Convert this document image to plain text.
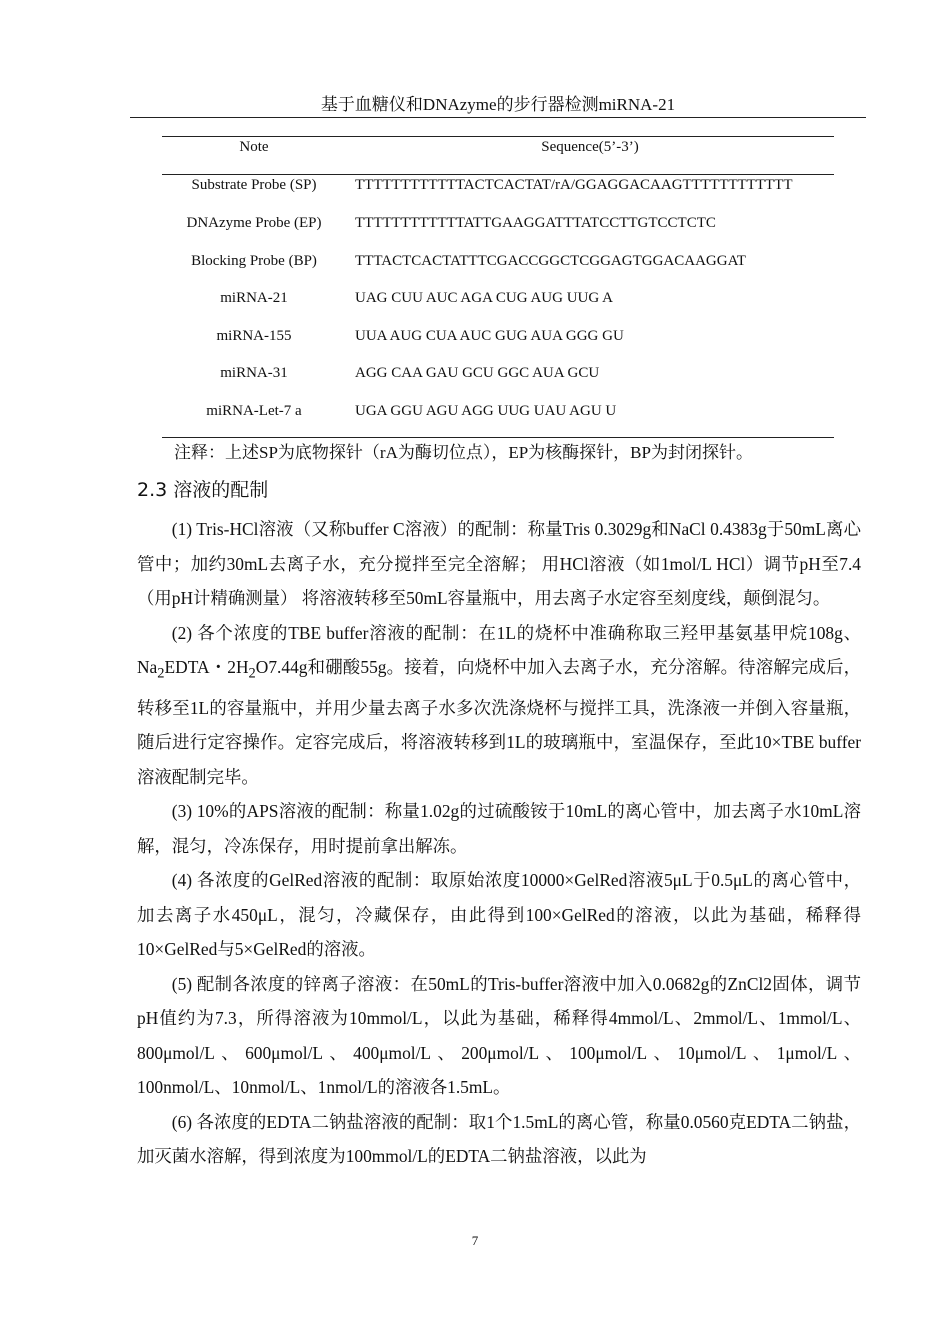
基于血糖仪和DNAzyme的步行器检测miRNA-21
Note	Sequence(5’-3’)
Substrate Probe (SP)	TTTTTTTTTTTTACTCACTAT/rA/GGAGGACAAGTTTTTTTTTTTT
DNAzyme Probe (EP)	TTTTTTTTTTTTATTGAAGGATTTATCCTTGTCCTCTC
Blocking Probe (BP)	TTTACTCACTATTTCGACCGGCTCGGAGTGGACAAGGAT
miRNA-21	UAG CUU AUC AGA CUG AUG UUG A
miRNA-155	UUA AUG CUA AUC GUG AUA GGG GU
miRNA-31	AGG CAA GAU GCU GGC AUA GCU
miRNA-Let-7 a	UGA GGU AGU AGG UUG UAU AGU U
注释：上述SP为底物探针（rA为酶切位点），EP为核酶探针，BP为封闭探针。
2.3 溶液的配制

(1) Tris-HCl溶液（又称buffer C溶液）的配制：称量Tris 0.3029g和NaCl 0.4383g于50mL离心管中；加约30mL去离子水，充分搅拌至完全溶解； 用HCl溶液（如1mol/L HCl）调节pH至7.4（用pH计精确测量） 将溶液转移至50mL容量瓶中，用去离子水定容至刻度线，颠倒混匀。

(2) 各个浓度的TBE buffer溶液的配制：在1L的烧杯中准确称取三羟甲基氨基甲烷108g、$Na_2EDTA$・$2H_2O7.44g$和硼酸55g。接着，向烧杯中加入去离子水，充分溶解。待溶解完成后，转移至1L的容量瓶中，并用少量去离子水多次洗涤烧杯与搅拌工具，洗涤液一并倒入容量瓶，随后进行定容操作。定容完成后，将溶液转移到1L的玻璃瓶中，室温保存，至此10×TBE buffer溶液配制完毕。

(3) 10%的APS溶液的配制：称量1.02g的过硫酸铵于10mL的离心管中，加去离子水10mL溶解，混匀，冷冻保存，用时提前拿出解冻。

(4) 各浓度的GelRed溶液的配制：取原始浓度10000×GelRed溶液5μL于0.5μL的离心管中，加去离子水450μL，混匀，冷藏保存，由此得到100×GelRed的溶液，以此为基础，稀释得10×GelRed与5×GelRed的溶液。

(5) 配制各浓度的锌离子溶液：在50mL的Tris-buffer溶液中加入0.0682g的ZnCl2固体，调节pH值约为7.3，所得溶液为10mmol/L，以此为基础，稀释得4mmol/L、2mmol/L、1mmol/L、800μmol/L、600μmol/L、400μmol/L、200μmol/L、100μmol/L、10μmol/L、1μmol/L、100nmol/L、10nmol/L、1nmol/L的溶液各1.5mL。

(6) 各浓度的EDTA二钠盐溶液的配制：取1个1.5mL的离心管，称量0.0560克EDTA二钠盐，加灭菌水溶解，得到浓度为100mmol/L的EDTA二钠盐溶液，以此为

7
